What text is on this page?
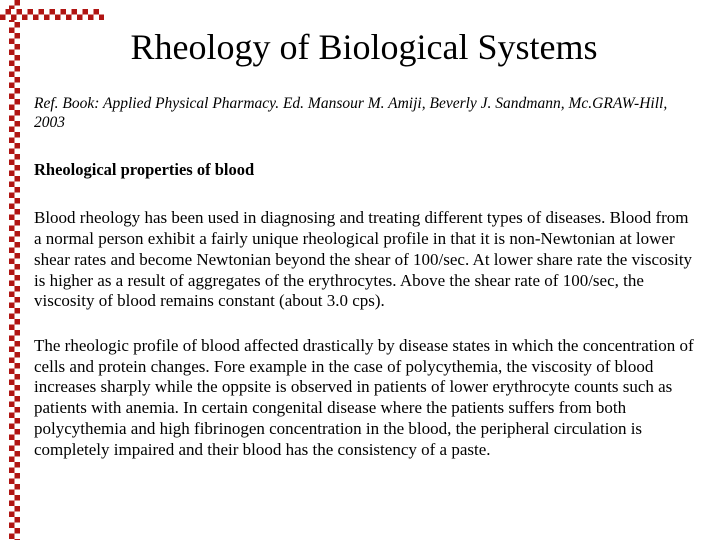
Rheology of Biological Systems

Ref. Book: Applied Physical Pharmacy. Ed. Mansour M. Amiji, Beverly J. Sandmann, Mc.GRAW-Hill, 2003

Rheological properties of blood

Blood rheology has been used in diagnosing and treating different types of diseases. Blood from a normal person exhibit a fairly unique rheological profile in that it is non-Newtonian at lower shear rates and become Newtonian beyond the shear of 100/sec. At lower share rate the viscosity is higher as a result of aggregates of the erythrocytes. Above the shear rate of 100/sec, the viscosity of blood remains constant (about 3.0 cps).

The rheologic profile of blood affected drastically by disease states in which the concentration of cells and protein changes. Fore example in the case of polycythemia, the viscosity of blood increases sharply while the oppsite is observed in patients of lower erythrocyte counts such as patients with anemia. In certain congenital disease where the patients suffers from both polycythemia and high fibrinogen concentration in the blood, the peripheral circulation is completely impaired and their blood has the consistency of a paste.
